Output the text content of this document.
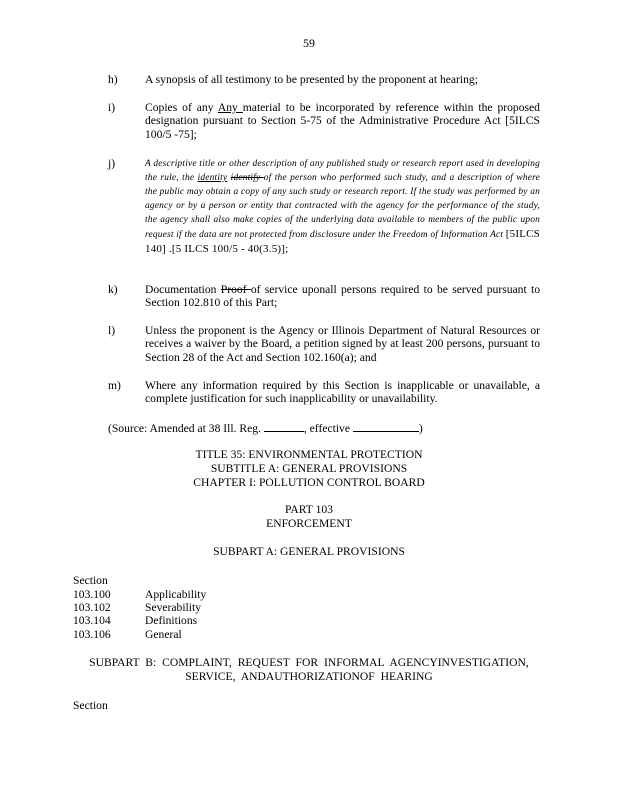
59
h) A synopsis of all testimony to be presented by the proponent at hearing;
i)	Copies of any Any material to be incorporated by reference within the proposed designation pursuant to Section 5-75 of the Administrative Procedure Act [5ILCS 100/5 -75];
j)	A descriptive title or other description of any published study or research report used in developing the rule, the identity identify of the person who performed such study, and a description of where the public may obtain a copy of any such study or research report. If the study was performed by an agency or by a person or entity that contracted with the agency for the performance of the study, the agency shall also make copies of the underlying data available to members of the public upon request if the data are not protected from disclosure under the Freedom of Information Act [5ILCS 140] .[5 ILCS 100/5 - 40(3.5)];
k) Documentation Proof of service uponall persons required to be served pursuant to Section 102.810 of this Part;
l)	Unless the proponent is the Agency or Illinois Department of Natural Resources or receives a waiver by the Board, a petition signed by at least 200 persons, pursuant to Section 28 of the Act and Section 102.160(a); and
m) Where any information required by this Section is inapplicable or unavailable, a complete justification for such inapplicability or unavailability.
(Source: Amended at 38 Ill. Reg.	, effective	)
TITLE 35: ENVIRONMENTAL PROTECTION
SUBTITLE A: GENERAL PROVISIONS
CHAPTER I: POLLUTION CONTROL BOARD
PART 103
ENFORCEMENT
SUBPART A: GENERAL PROVISIONS
Section
103.100	Applicability
103.102	Severability
103.104	Definitions
103.106	General
SUBPART B: COMPLAINT, REQUEST FOR INFORMAL AGENCYINVESTIGATION,
SERVICE, ANDAUTHORIZATIONOF HEARING
Section
